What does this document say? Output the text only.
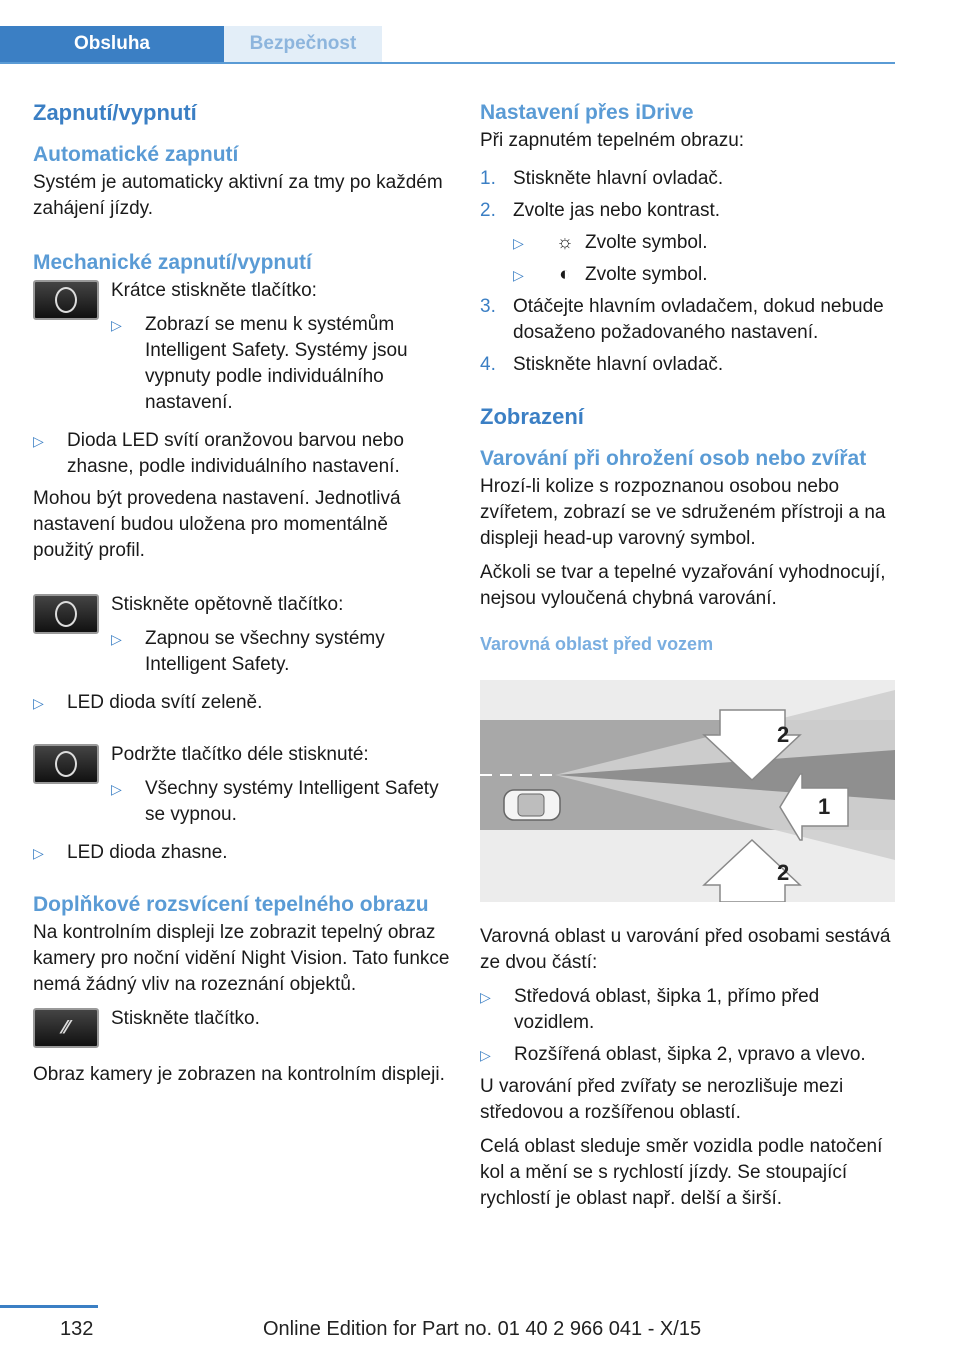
Obsluha	Bezpečnost
Zapnutí/vypnutí
Automatické zapnutí

Systém je automaticky aktivní za tmy po každém zahájení jízdy.

Mechanické zapnutí/vypnutí

Krátce stiskněte tlačítko:

▷	Zobrazí se menu k systémům Intelligent Safety. Systémy jsou vypnuty podle individuálního nastavení.
▷	Dioda LED svítí oranžovou barvou nebo zhasne, podle individuálního nastavení.

Mohou být provedena nastavení. Jednotlivá nastavení budou uložena pro momentálně použitý profil.

Stiskněte opětovně tlačítko:

▷	Zapnou se všechny systémy Intelligent Safety.
▷	LED dioda svítí zeleně.

Podržte tlačítko déle stisknuté:

▷	Všechny systémy Intelligent Safety se vypnou.
▷	LED dioda zhasne.
Doplňkové rozsvícení tepelného obrazu

Na kontrolním displeji lze zobrazit tepelný obraz kamery pro noční vidění Night Vision. Tato funkce nemá žádný vliv na rozeznání objektů.

⁄⁄ Stiskněte tlačítko.

Obraz kamery je zobrazen na kontrolním displeji.

Nastavení přes iDrive

Při zapnutém tepelném obrazu:

1. Stiskněte hlavní ovladač.
2. Zvolte jas nebo kontrast.
▷	☼ Zvolte symbol.
▷	◐ Zvolte symbol.
3. Otáčejte hlavním ovladačem, dokud nebude dosaženo požadovaného nastavení.
4. Stiskněte hlavní ovladač.
Zobrazení
Varování při ohrožení osob nebo zvířat

Hrozí-li kolize s rozpoznanou osobou nebo zvířetem, zobrazí se ve sdruženém přístroji a na displeji head-up varovný symbol.

Ačkoli se tvar a tepelné vyzařování vyhodnocují, nejsou vyloučená chybná varování.

Varovná oblast před vozem
2
1
2

Varovná oblast u varování před osobami sestává ze dvou částí:

▷	Středová oblast, šipka 1, přímo před vozidlem.
▷	Rozšířená oblast, šipka 2, vpravo a vlevo.

U varování před zvířaty se nerozlišuje mezi středovou a rozšířenou oblastí.

Celá oblast sleduje směr vozidla podle natočení kol a mění se s rychlostí jízdy. Se stoupající rychlostí je oblast např. delší a širší.

132	Online Edition for Part no. 01 40 2 966 041 - X/15
